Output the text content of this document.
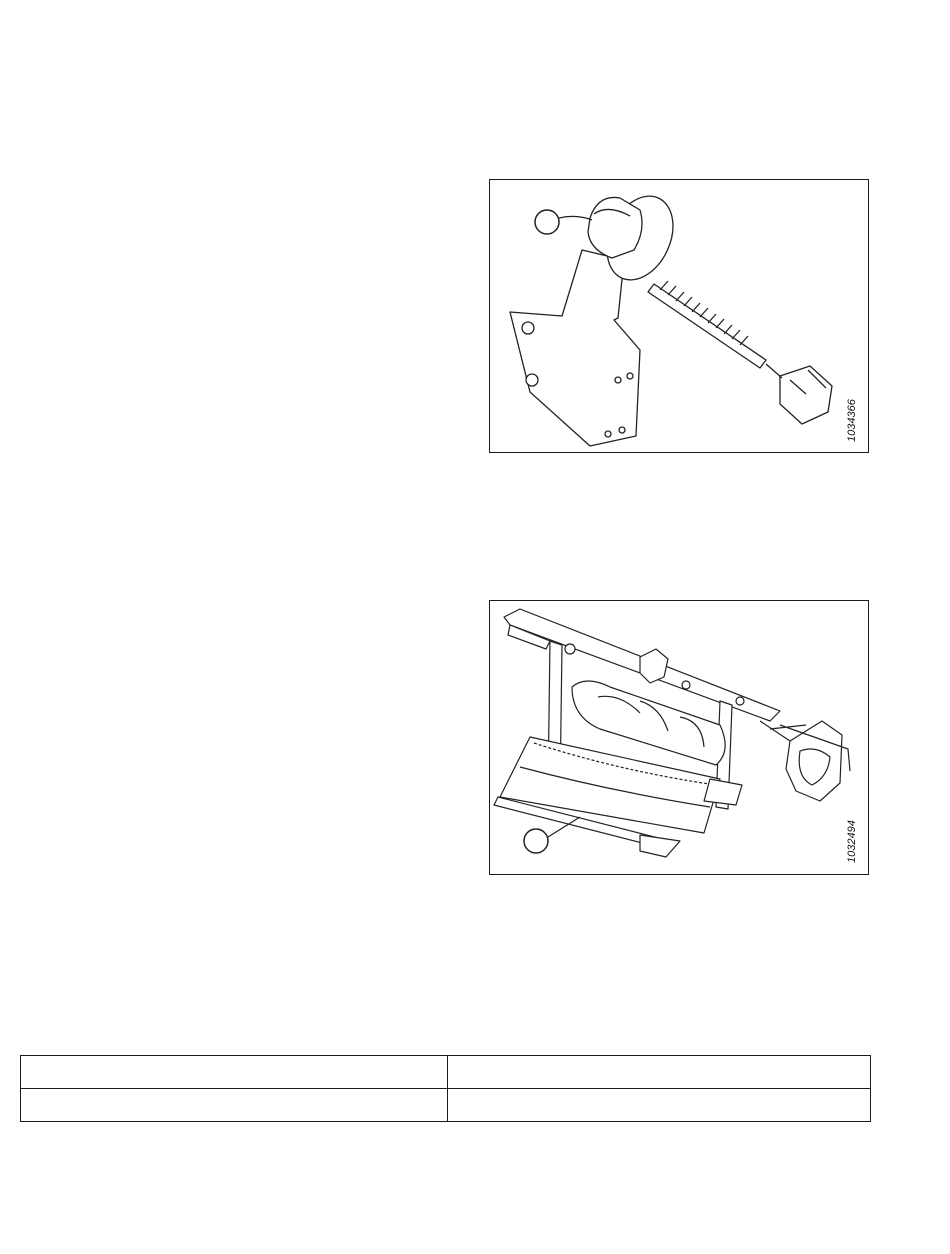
1034366
1032494
